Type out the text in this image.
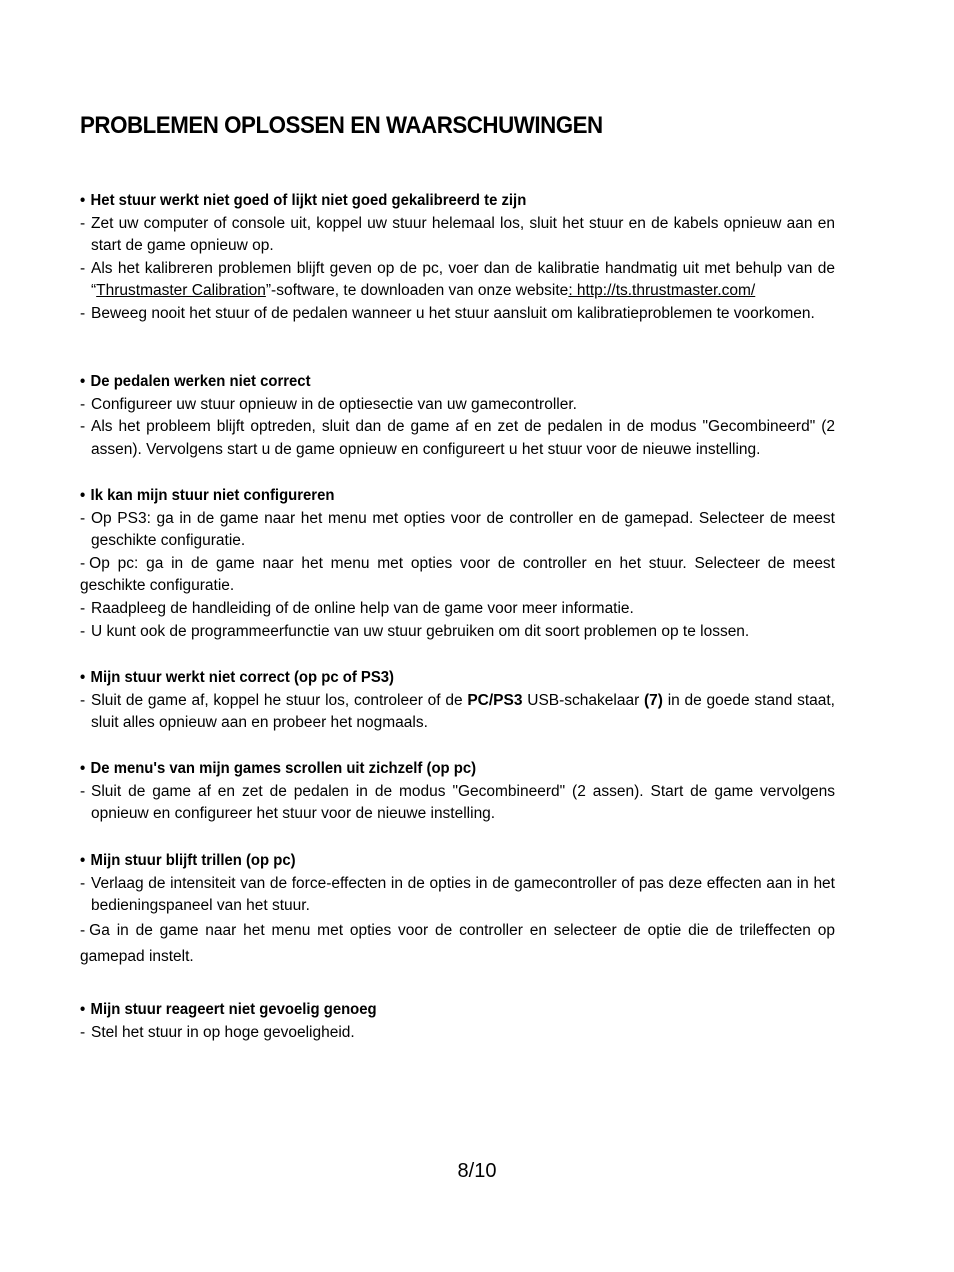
PROBLEMEN OPLOSSEN EN WAARSCHUWINGEN
• Het stuur werkt niet goed of lijkt niet goed gekalibreerd te zijn
- Zet uw computer of console uit, koppel uw stuur helemaal los, sluit het stuur en de kabels opnieuw aan en start de game opnieuw op.
- Als het kalibreren problemen blijft geven op de pc, voer dan de kalibratie handmatig uit met behulp van de “Thrustmaster Calibration”-software, te downloaden van onze website: http://ts.thrustmaster.com/
- Beweeg nooit het stuur of de pedalen wanneer u het stuur aansluit om kalibratieproblemen te voorkomen.
• De pedalen werken niet correct
- Configureer uw stuur opnieuw in de optiesectie van uw gamecontroller.
- Als het probleem blijft optreden, sluit dan de game af en zet de pedalen in de modus "Gecombineerd" (2 assen). Vervolgens start u de game opnieuw en configureert u het stuur voor de nieuwe instelling.
• Ik kan mijn stuur niet configureren
- Op PS3: ga in de game naar het menu met opties voor de controller en de gamepad. Selecteer de meest geschikte configuratie.
- Op pc: ga in de game naar het menu met opties voor de controller en het stuur. Selecteer de meest geschikte configuratie.
- Raadpleeg de handleiding of de online help van de game voor meer informatie.
- U kunt ook de programmeerfunctie van uw stuur gebruiken om dit soort problemen op te lossen.
• Mijn stuur werkt niet correct (op pc of PS3)
- Sluit de game af, koppel he stuur los, controleer of de PC/PS3 USB-schakelaar (7) in de goede stand staat, sluit alles opnieuw aan en probeer het nogmaals.
• De menu's van mijn games scrollen uit zichzelf (op pc)
- Sluit de game af en zet de pedalen in de modus "Gecombineerd" (2 assen). Start de game vervolgens opnieuw en configureer het stuur voor de nieuwe instelling.
• Mijn stuur blijft trillen (op pc)
- Verlaag de intensiteit van de force-effecten in de opties in de gamecontroller of pas deze effecten aan in het bedieningspaneel van het stuur.
- Ga in de game naar het menu met opties voor de controller en selecteer de optie die de trileffecten op gamepad instelt.
• Mijn stuur reageert niet gevoelig genoeg
- Stel het stuur in op hoge gevoeligheid.
8/10
